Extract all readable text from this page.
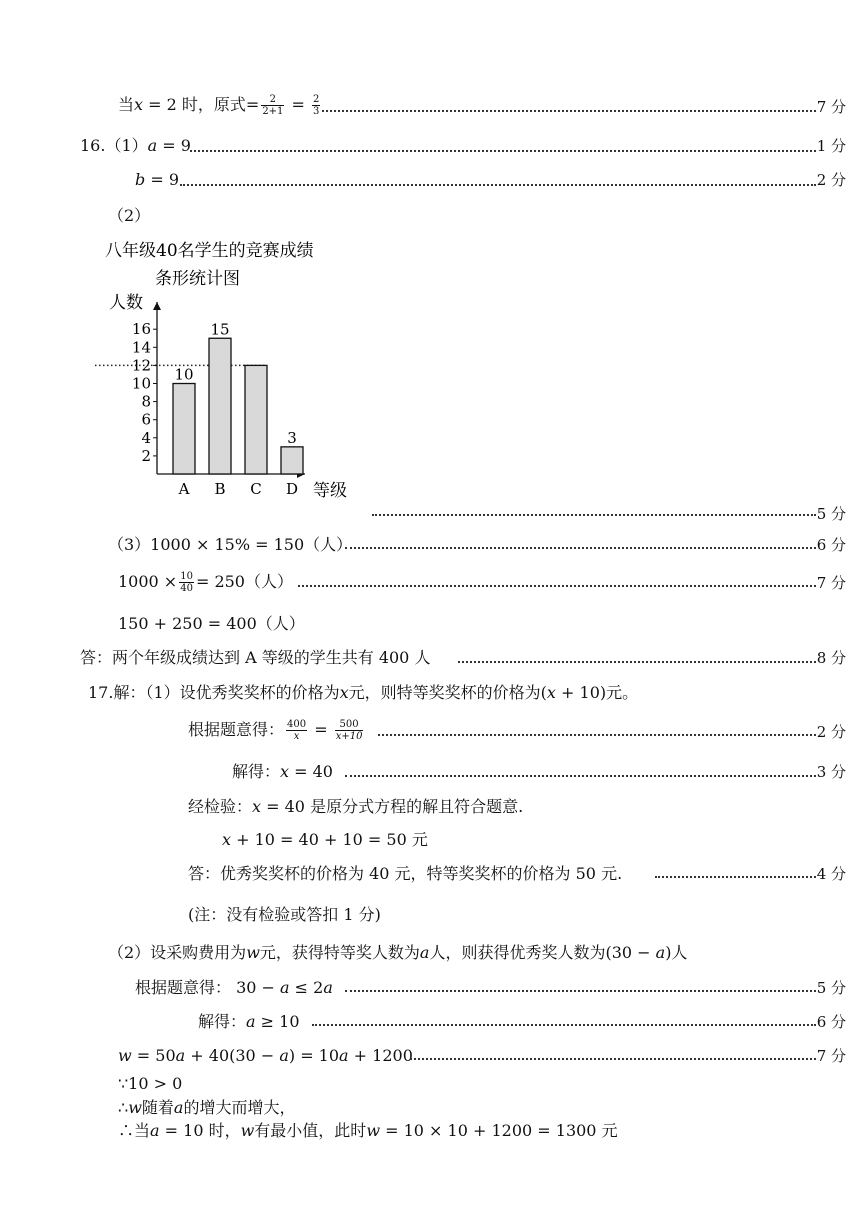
当x = 2 时，原式= $\frac{2}{2+1} = \frac{2}{3}$	7 分
16.（1）a = 9	1 分
b = 9	2 分
（2）
八年级40名学生的竞赛成绩
条形统计图
人数
等级
2
4
6
8
10
12
14
16
A
10
B
15
C D
3
5 分
（3）1000 × 15% = 150（人）	6 分
$1000 \times \frac{10}{40} = 250$（人）	7 分
150 + 250 = 400（人）
答：两个年级成绩达到 A 等级的学生共有 400 人	8 分
17.解：（1）设优秀奖奖杯的价格为x元，则特等奖奖杯的价格为(x + 10)元。
根据题意得： $\frac{400}{x} = \frac{500}{x+10}$	2 分
解得：x = 40	3 分
经检验：x = 40 是原分式方程的解且符合题意.
x + 10 = 40 + 10 = 50 元
答：优秀奖奖杯的价格为 40 元，特等奖奖杯的价格为 50 元.	4 分
(注：没有检验或答扣 1 分)
（2）设采购费用为w元，获得特等奖人数为a人，则获得优秀奖人数为(30 − a)人
根据题意得： 30 − a ≤ 2a	5 分
解得：a ≥ 10	6 分
w = 50a + 40(30 − a) = 10a + 1200	7 分
∵10 > 0
∴w随着a的增大而增大，
∴当a = 10 时，w有最小值，此时w = 10 × 10 + 1200 = 1300 元
